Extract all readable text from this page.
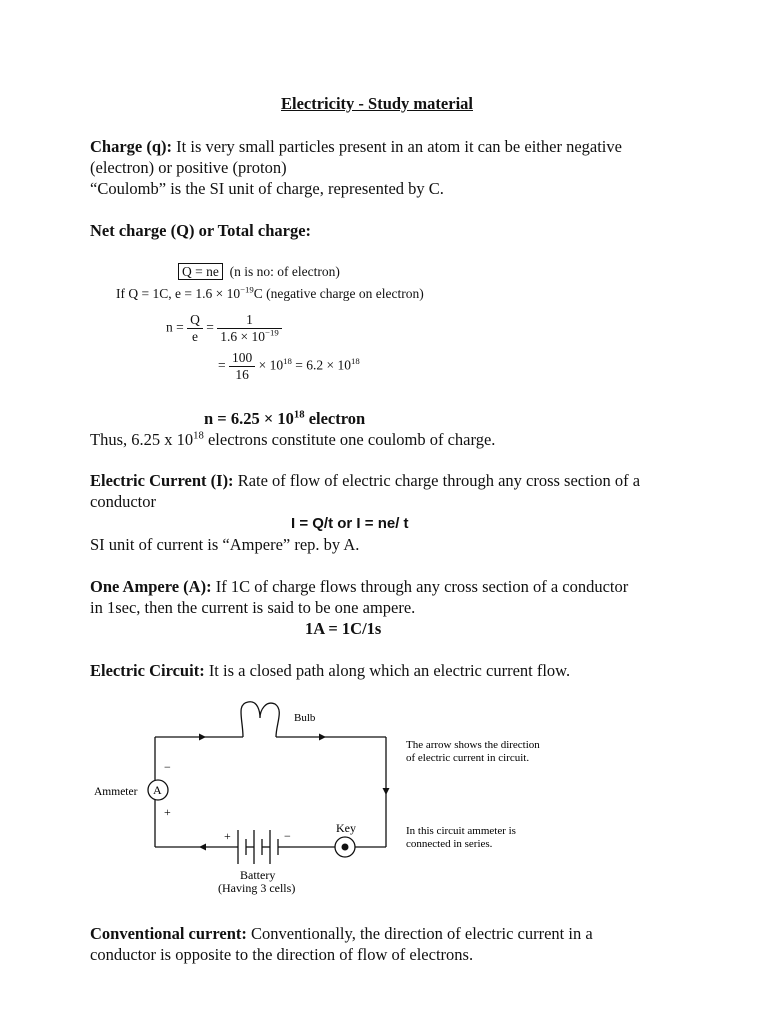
Electricity - Study material
Charge (q): It is very small particles present in an atom it can be either negative
(electron) or positive (proton)
“Coulomb” is the SI unit of charge, represented by C.
Net charge (Q) or Total charge:
Q = ne (n is no: of electron)
If Q = 1C, $e = 1.6 \times 10^{-19}C$ (negative charge on electron)
$n = \frac{Q}{e} = \frac{1}{1.6 \times 10^{-19}}$
= $\frac{100}{16} \times 10^{18} = 6.2 \times 10^{18}$
$n = 6.25 \times 10^{18}$ electron
Thus, 6.25 x $10^{18}$ electrons constitute one coulomb of charge.
Electric Current (I): Rate of flow of electric charge through any cross section of a
conductor
I = Q/t or I = ne/ t
SI unit of current is “Ampere” rep. by A.
One Ampere (A): If 1C of charge flows through any cross section of a conductor
in 1sec, then the current is said to be one ampere.
1A = 1C/1s
Electric Circuit: It is a closed path along which an electric current flow.
Bulb
The arrow shows the direction
of electric current in circuit.
Ammeter A
−
+
+	−
Key	In this circuit ammeter is
connected in series.
Battery
(Having 3 cells)
Conventional current: Conventionally, the direction of electric current in a
conductor is opposite to the direction of flow of electrons.
